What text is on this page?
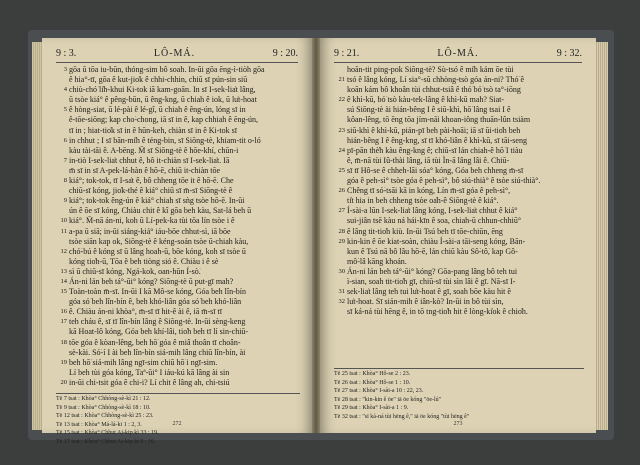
9 : 3.	LÔ-MÁ.	9 : 20.
3 gōa ū tōa iu-būn, thóng-sim bô soah. In-ūi gōa ēng-ì-tiòh gōa
ê hia°-tī, gōa ê kut-jio̍k ê chhi-chhin, chiū sī pún-sin siū
4 chiù-chó͘ li̍h-khui Ki-tok iā kam-goān. In sī I-sek-lia̍t lâng,
ū tsòe kiá° ê pêng-būn, ū êng-kng, ū chiah ê iok, ū lu̍t-hoat
5 ê hòng-siat, ū lé-pài ê lé-gî, ū chiah ê êng-ún, lóng sī in
ê-tōe-siōng; kap cho͘-chong, iā sī in ê, kap chhiah ê ēng-ún,
tī in ; hiat-tio̍k sī in ê hūn-keh, chiàn sī in ê Ki-tok sī
6 in chhut ; I sī bān-mi̍h ê téng-bin, sī Siōng-tè, khiam-tit o-ló
kàu tài-tāi ê. A-bēng. M̄ sī Siōng-tè ê hōe-khí, chūn-i
7 in-tiò I-sek-lia̍t chhut ê, bô it-chiàn sī I-sek-lia̍t. Iā
m̄ sī in sī A-pek-lá-hàn ê hō-ē, chiū it-chiàn tōe
8 kiá°; tok-tok, tī I-sa̍t ê, bô chheng tōe it ê hō-ē. Che
chiū-sī kóng, jio̍k-thé ê kiá° chiū sī m̄-sī Siōng-tè ê
9 kiá°; tok-tok êng-ún ê kiá° chiah sī sǹg tsòe hō-ē. In-ūi
ún ê ōe sī kóng, Chiàu chit ê kî gōa beh kàu, Sat-lá beh ū
10 kiá°. M̄-nā án-ni, koh ū Lí-pek-ka tùi tōa lín tsòe i ê
11 a-pa ū siā; in-ūi siáng-kiá° iáu-bōe chhut-sì, iā bōe
tsòe siān kap ok, Siōng-tè ê kéng-soán tsòe ū-chiah kàu,
12 chó͘-bú ê kóng sī ū lâng hoah-ū, bōe kóng, koh sī tsòe ū
kóng tio̍h-ū, Tōa ê beh tiòng sió ê. Chiàu i ê sè
13 sì ū chiū-sī kóng, Ngá-kok, oan-hūn Í-sò͘.
14 Án-ni lán beh tá°-ūi° kóng? Siōng-tè ū put-gī mah?
15 Toàn-toàn m̄-sī. In-ūi I kā Mô-se kóng, Góa beh lîn-bín
góa só͘ beh lîn-bín ê, beh khó-liân góa só͘ beh khó-liân
16 ê. Chiàu án-ni khòa°, m̄-sī tī hit-ê ài ê, iā m̄-sī tī
17 teh cháu ê, sī tī lîn-bín lâng ê Siōng-tè. In-ūi sèng-keng
kā Hoat-lô kóng, Góa beh khí-lâi, tio̍h beh tī lí sin-chiū-
18 tōe góa ê kòan-lêng, beh hō͘ góa ê miâ thoân tī choân-
sè-kài. Só͘-í I ài beh lîn-bín siá-mih lâng chiū lîn-bín, ài
19 beh hō͘ siá-mih lâng ngī-sim chiū hō͘ i ngī-sim.
Lí beh tùi góa kóng, Taª-ūi° I iáu-kú kā lâng ài sin
20 in-ūi chi-tsit góa ê chi-i? Lí chit ê lâng ah, chi-tsiú
Tē 7 tsat : Khòa° Chhòng-sè-kì 21 : 12.
Tē 9 tsat : Khòa° Chhòng-sè-kì 18 : 10.
Tē 12 tsat : Khòa° Chhòng-sè-kì 25 : 23.
Tē 13 tsat : Khòa° Má-lá-ki 1 : 2, 3.
Tē 15 tsat : Khòa° Chhut Ai-kip kì 33 : 19.
Tē 17 tsat : Khòa° Chhut Ai-kip kì 9 : 16.
272
9 : 21.	LÔ-MÁ.	9 : 32.
hoān-tit ping-pok Siōng-tè? Sù-tsó ê mi̍h kám ōe tùi
21 tsó ê lâng kóng, Lí sia°-sū chhòng-tsò góa án-ni? Thó͘ ê
koān kám bô khoân tùi chhut-tsiâ ê thó͘ bó͘ tsò ta°-iōng
22 ê khì-kū, bó͘ tsò kàu-tek-lâng ê khì-kū mah? Siat-
sú Siōng-tè ài hián-bêng I ê siū-khì, hō͘ lâng tsai I ê
kôan-lêng, tō ēng tōa jím-nāi khoan-iông thuān-lûn tsiàm
23 siū-khì ê khì-kū, pián-pī beh pài-hoāi; iā sī ūi-tio̍h beh
hián-bêng I ê êng-kng, sī tī khó-liân ê khì-kū, sī tāi-seng
24 pī-pān thè̍h kàu êng-kng ê; chiū-sī lán chiah-ê hō͘ I tiàu
ê, m̄-nā tùi Iû-thài lâng, iā tùi Ìn-ā lâng lâi ê. Chiū-
25 sī tī Hô-se ê chheh-lāi sóa° kóng, Góa beh chheng m̄-sī
góa ê peh-sì° tsòe góa ê peh-sì°, bô siú-thià° ê tsòe siú-thià°.
26 Chêng tī só͘-tsāi kā in kóng, Lín m̄-sī góa ê peh-sì°,
ti̍t hia in beh chheng tsòe oa̍h-ê Siōng-tè ê kiá°.
27 Í-sài-a lūn I-sek-lia̍t lâng kóng, I-sek-lia̍t chhut ê kiá°
sui-jiân tsē kàu ná hái-kīn ê soa, chiah-ū chhun-chhiū°
28 ê lâng tit-tio̍h kiù. In-ūi Tsú beh tī tōe-chiūn, ēng
29 kin-kin ê ōe kiat-soàn, chiàu Í-sài-a tāi-seng kóng, Bān-
kun ê Tsú nā bô lâu hō-ē, lán chiū kàu Sô͘-tô͘, kap Gô-
mô͘-lâ kāng khoán.
30 Án-ni lán beh tá°-ūi° kóng? Gōa-pang lâng bô teh tui
ì-sian, soah tit-tio̍h gī, chiū-sī tùi sìn lâi ê gī. Nā-sī I-
31 sek-lia̍t lâng teh tui lu̍t-hoat ê gī, soah bōe kàu hit ê
32 lu̍t-hoat. Sī sián-mih ê iân-kò͘? In-ūi in bô tùi sìn,
sī ká-ná tùi hēng ê, in tō tng-tio̍h hit ê lòng-ki̍ok ê chio̍h.
Tē 25 tsat : Khòa° Hô-se 2 : 23.
Tē 26 tsat : Khòa° Hô-se 1 : 10.
Tē 27 tsat : Khòa° I-sài-a 10 : 22, 23.
Tē 28 tsat : "kin-kin ê ōe" iā ōe kóng "ōe-lú"
Tē 29 tsat : Khòa° I-sài-a 1 : 9.
Tē 32 tsat : "sī ká-ná tùi hēng ê," iā ōe kóng "tùi hēng ê"
273
